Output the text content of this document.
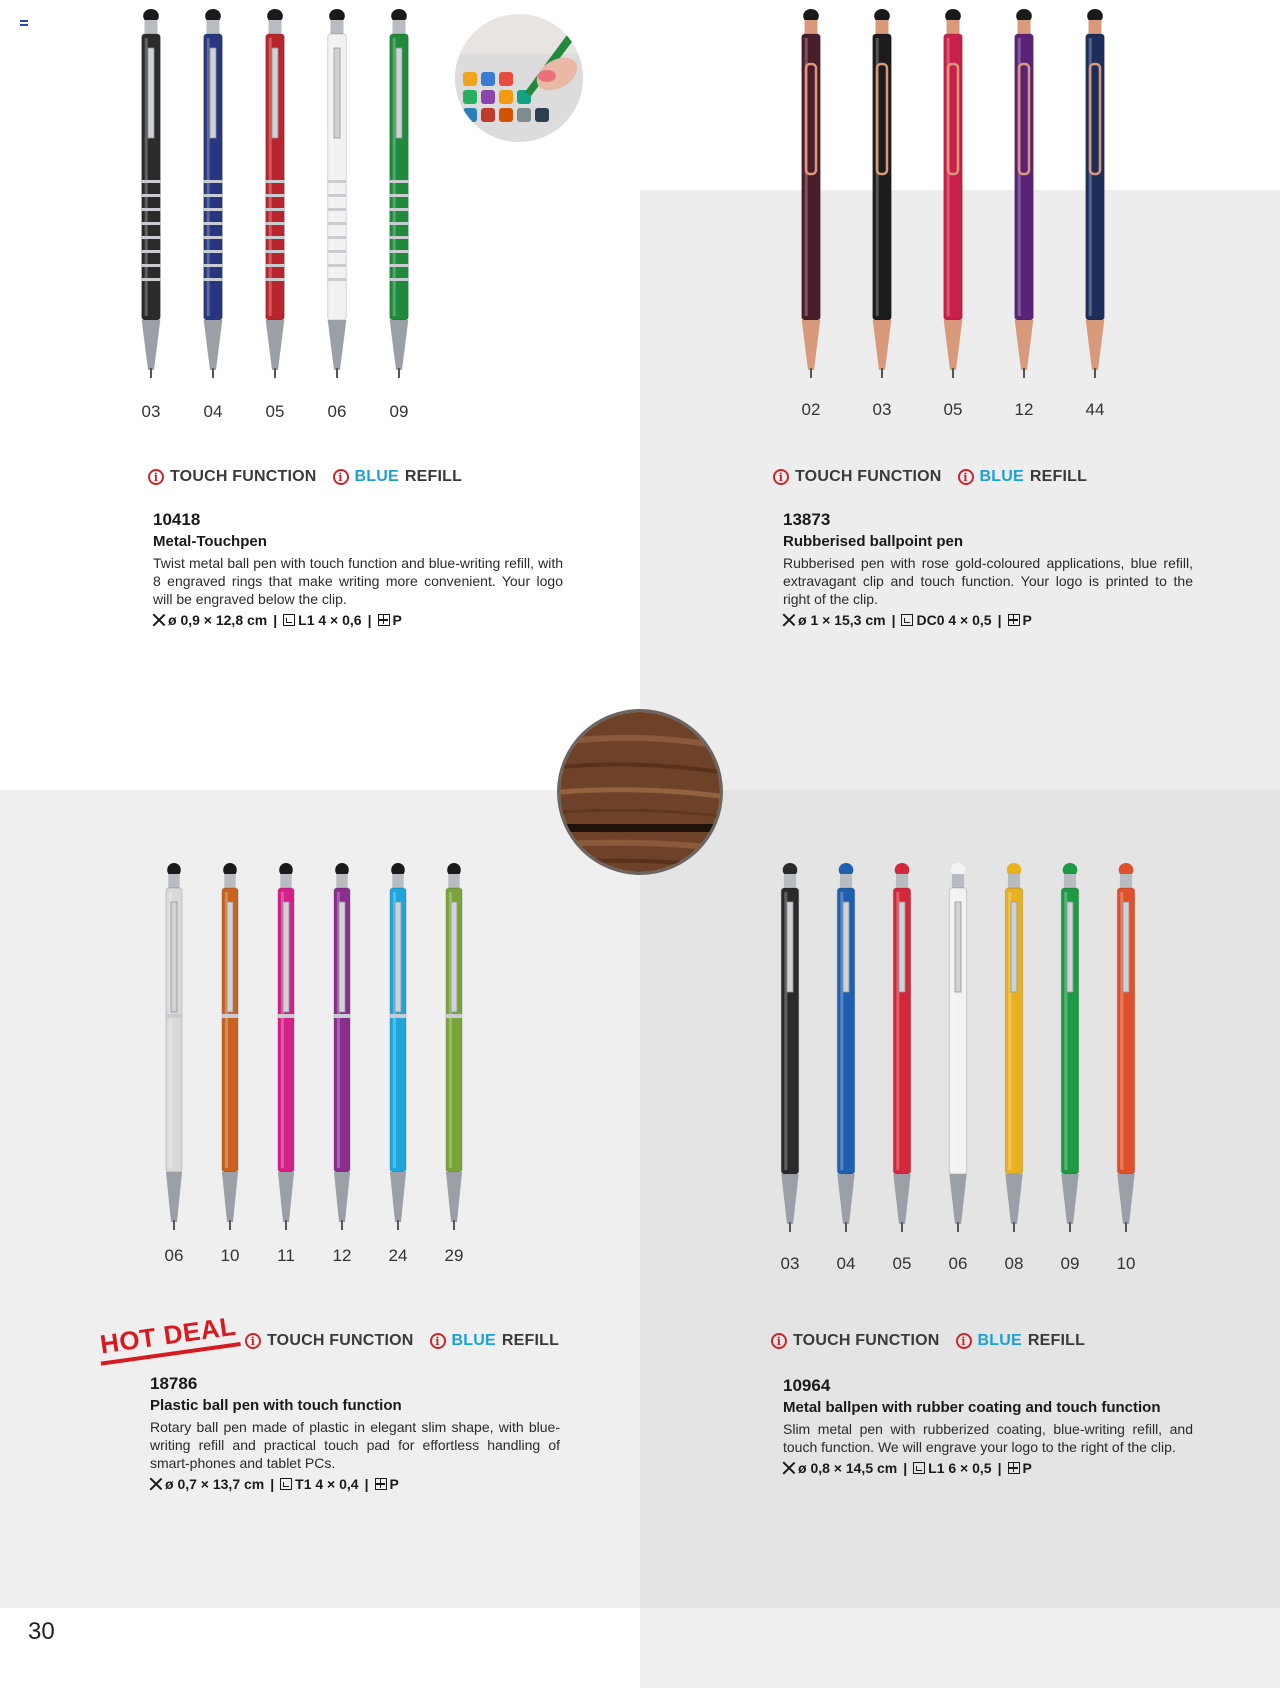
03	04	05	06	09
i TOUCH FUNCTION	i BLUE REFILL
10418
Metal-Touchpen
Twist metal ball pen with touch function and blue-writing refill, with 8 engraved rings that make writing more convenient. Your logo will be engraved below the clip.
ø 0,9 × 12,8 cm | L1 4 × 0,6 | P
02	03	05	12	44
i TOUCH FUNCTION	i BLUE REFILL
13873
Rubberised ballpoint pen
Rubberised pen with rose gold-coloured applications, blue refill, extravagant clip and touch function. Your logo is printed to the right of the clip.
ø 1 × 15,3 cm | DC0 4 × 0,5 | P
06	10	11	12	24	29
HOT DEAL	i TOUCH FUNCTION	i BLUE REFILL
18786
Plastic ball pen with touch function
Rotary ball pen made of plastic in elegant slim shape, with blue-writing refill and practical touch pad for effortless handling of smart-phones and tablet PCs.
ø 0,7 × 13,7 cm | T1 4 × 0,4 | P
03	04	05	06	08	09	10
i TOUCH FUNCTION	i BLUE REFILL
10964
Metal ballpen with rubber coating and touch function
Slim metal pen with rubberized coating, blue-writing refill, and touch function. We will engrave your logo to the right of the clip.
ø 0,8 × 14,5 cm | L1 6 × 0,5 | P
30
